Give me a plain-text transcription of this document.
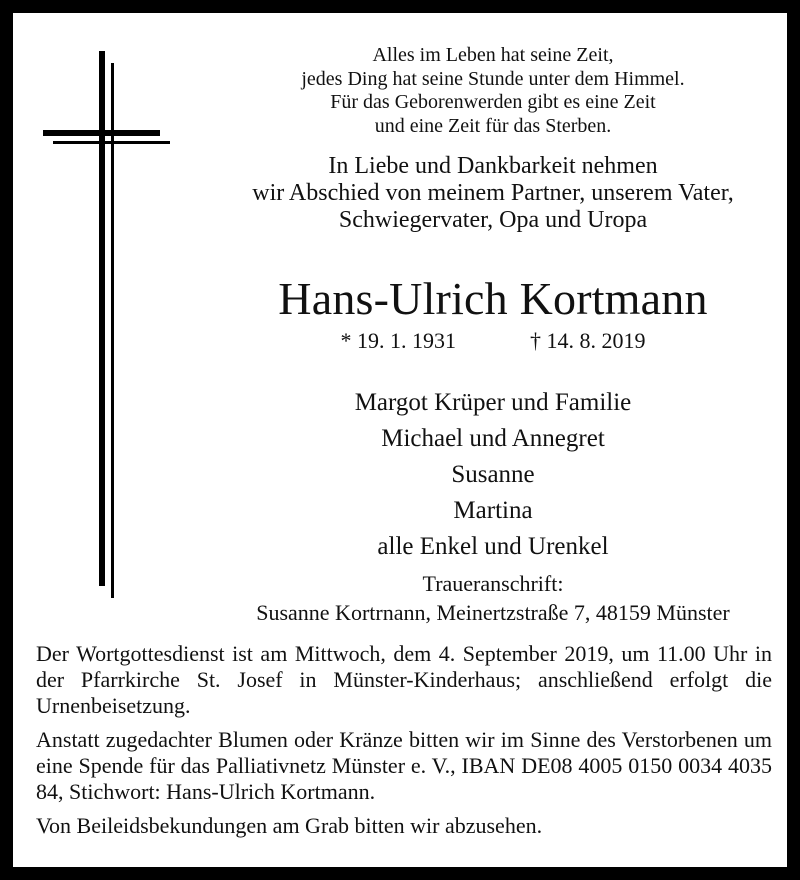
Alles im Leben hat seine Zeit,
jedes Ding hat seine Stunde unter dem Himmel.
Für das Geborenwerden gibt es eine Zeit
und eine Zeit für das Sterben.
In Liebe und Dankbarkeit nehmen
wir Abschied von meinem Partner, unserem Vater,
Schwiegervater, Opa und Uropa
Hans-Ulrich Kortmann
* 19. 1. 1931	† 14. 8. 2019
Margot Krüper und Familie
Michael und Annegret
Susanne
Martina
alle Enkel und Urenkel
Traueranschrift:
Susanne Kortrnann, Meinertzstraße 7, 48159 Münster

Der Wortgottesdienst ist am Mittwoch, dem 4. September 2019, um 11.00 Uhr in der Pfarrkirche St. Josef in Münster-Kinderhaus; anschließend erfolgt die Urnenbeisetzung.

Anstatt zugedachter Blumen oder Kränze bitten wir im Sinne des Verstorbenen um eine Spende für das Palliativnetz Münster e. V., IBAN DE08 4005 0150 0034 4035 84, Stichwort: Hans-Ulrich Kortmann.

Von Beileidsbekundungen am Grab bitten wir abzusehen.
